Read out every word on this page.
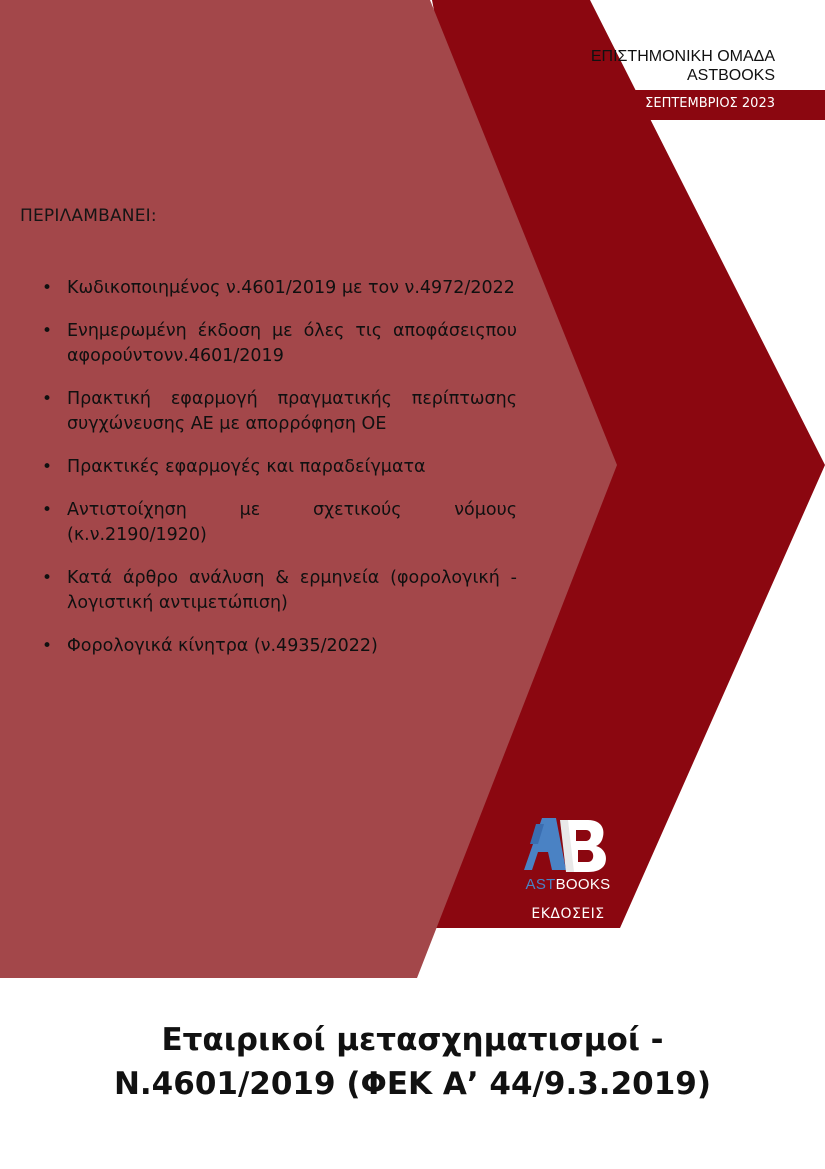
ΕΠΙΣΤΗΜΟΝΙΚΗ ΟΜΑΔΑ
ASTBOOKS
ΣΕΠΤΕΜΒΡΙΟΣ 2023
ΠΕΡΙΛΑΜΒΑΝΕΙ:
• Κωδικοποιημένος ν.4601/2019 με τον ν.4972/2022
• Ενημερωμένη έκδοση με όλες τις αποφάσειςπου αφορούντονν.4601/2019
• Πρακτική εφαρμογή πραγματικής περίπτωσης συγχώνευσης ΑΕ με απορρόφηση ΟΕ
• Πρακτικές εφαρμογές και παραδείγματα
• Αντιστοίχηση με σχετικούς νόμους (κ.ν.2190/1920)
• Κατά άρθρο ανάλυση & ερμηνεία (φορολογική - λογιστική αντιμετώπιση)
• Φορολογικά κίνητρα (ν.4935/2022)
ASTBOOKS
ΕΚΔΟΣΕΙΣ
Εταιρικοί μετασχηματισμοί -
Ν.4601/2019 (ΦΕΚ Α’ 44/9.3.2019)
